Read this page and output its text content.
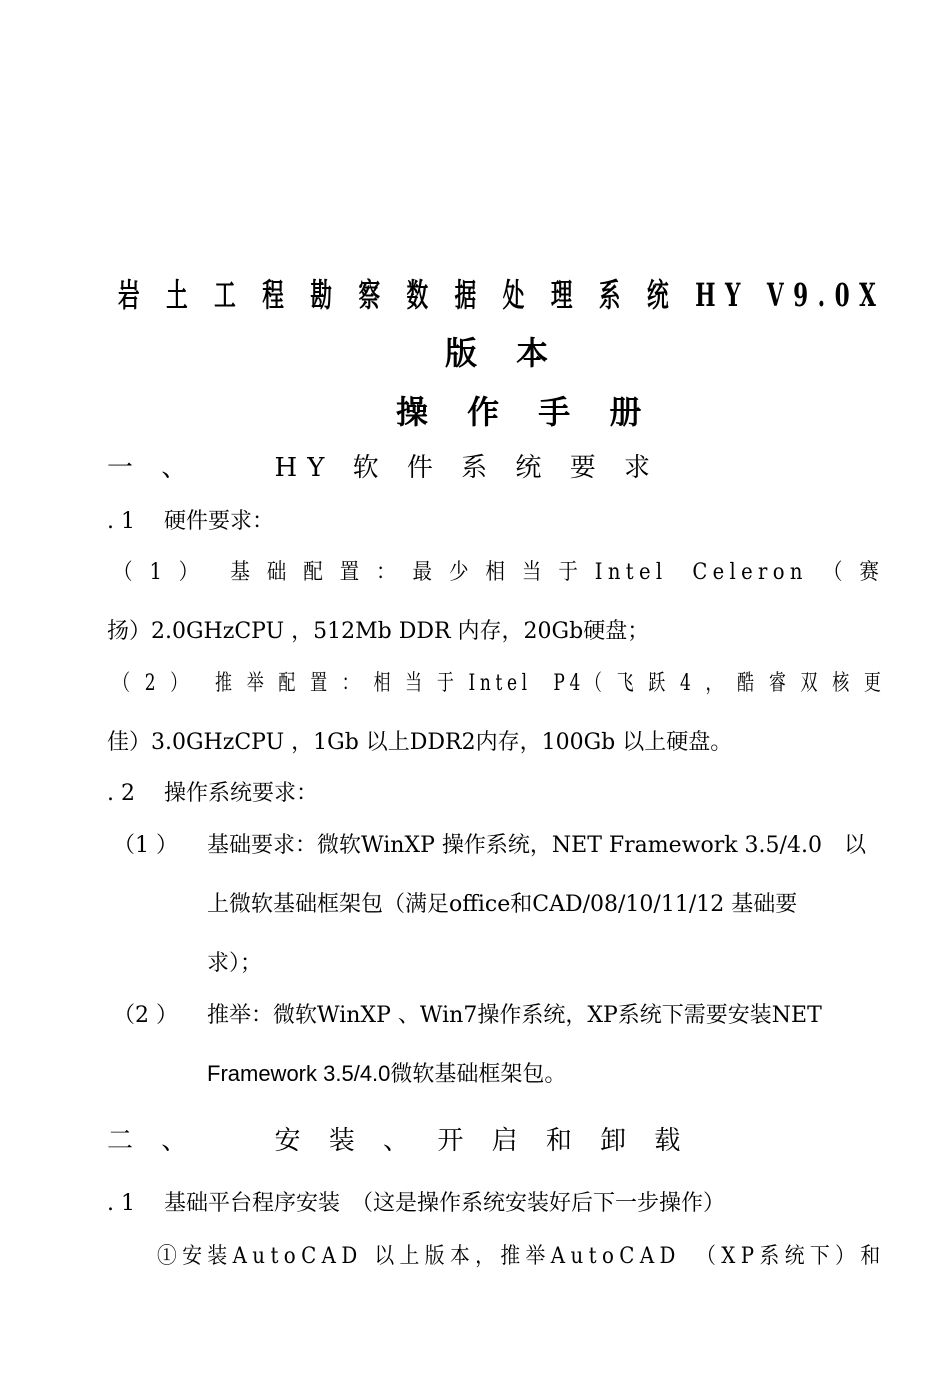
岩 土 工 程 勘 察 数 据 处 理 系 统 HY V9.0X
版 本
操 作 手 册
一 、　　 HY 软 件 系 统 要 求
. 1　 硬件要求：
（ 1 ）　 基 础 配 置 ： 最 少 相 当 于 Intel　Celeron　（ 赛
扬）2.0GHzCPU ，512Mb DDR 内存，20Gb硬盘；
（ 2 ）　 推 举 配 置 ： 相 当 于 Intel　P4（ 飞 跃 4 ， 酷 睿 双 核 更
佳）3.0GHzCPU ，1Gb 以上DDR2内存，100Gb 以上硬盘。
. 2　 操作系统要求：
（1 ） 基础要求：微软WinXP 操作系统，NET Framework 3.5/4.0　以
上微软基础框架包（满足office和CAD/08/10/11/12 基础要
求）；
（2 ） 推举：微软WinXP 、Win7操作系统，XP系统下需要安装NET
Framework 3.5/4.0微软基础框架包。
二 、　　 安 装 、 开 启 和 卸 载
. 1　 基础平台程序安装　（这是操作系统安装好后下一步操作）
①安装AutoCAD 以上版本，推举AutoCAD　（XP系统下）和
